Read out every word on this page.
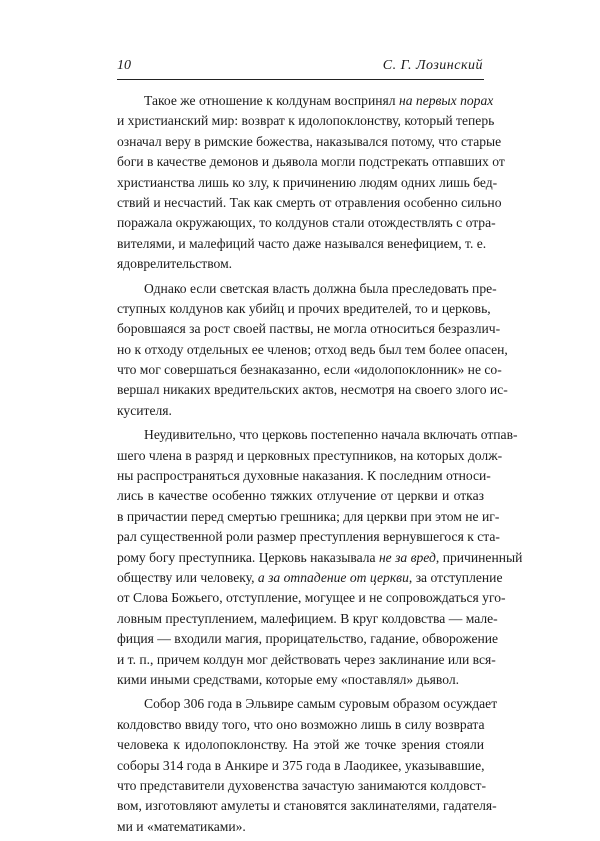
10	С. Г. Лозинский
Такое же отношение к колдунам воспринял на первых порах
и христианский мир: возврат к идолопоклонству, который теперь
означал веру в римские божества, наказывался потому, что старые
боги в качестве демонов и дьявола могли подстрекать отпавших от
христианства лишь ко злу, к причинению людям одних лишь бед-
ствий и несчастий. Так как смерть от отравления особенно сильно
поражала окружающих, то колдунов стали отождествлять с отра-
вителями, и малефиций часто даже назывался венефицием, т. е.
ядоврелительством.
Однако если светская власть должна была преследовать пре-
ступных колдунов как убийц и прочих вредителей, то и церковь,
боровшаяся за рост своей паствы, не могла относиться безразлич-
но к отходу отдельных ее членов; отход ведь был тем более опасен,
что мог совершаться безнаказанно, если «идолопоклонник» не со-
вершал никаких вредительских актов, несмотря на своего злого ис-
кусителя.
Неудивительно, что церковь постепенно начала включать отпав-
шего члена в разряд и церковных преступников, на которых долж-
ны распространяться духовные наказания. К последним относи-
лись в качестве особенно тяжких отлучение от церкви и отказ
в причастии перед смертью грешника; для церкви при этом не иг-
рал существенной роли размер преступления вернувшегося к ста-
рому богу преступника. Церковь наказывала не за вред, причиненный
обществу или человеку, а за отпадение от церкви, за отступление
от Слова Божьего, отступление, могущее и не сопровождаться уго-
ловным преступлением, малефицием. В круг колдовства — мале-
фиция — входили магия, прорицательство, гадание, обворожение
и т. п., причем колдун мог действовать через заклинание или вся-
кими иными средствами, которые ему «поставлял» дьявол.
Собор 306 года в Эльвире самым суровым образом осуждает
колдовство ввиду того, что оно возможно лишь в силу возврата
человека к идолопоклонству. На этой же точке зрения стояли
соборы 314 года в Анкире и 375 года в Лаодикее, указывавшие,
что представители духовенства зачастую занимаются колдовст-
вом, изготовляют амулеты и становятся заклинателями, гадателя-
ми и «математиками».
